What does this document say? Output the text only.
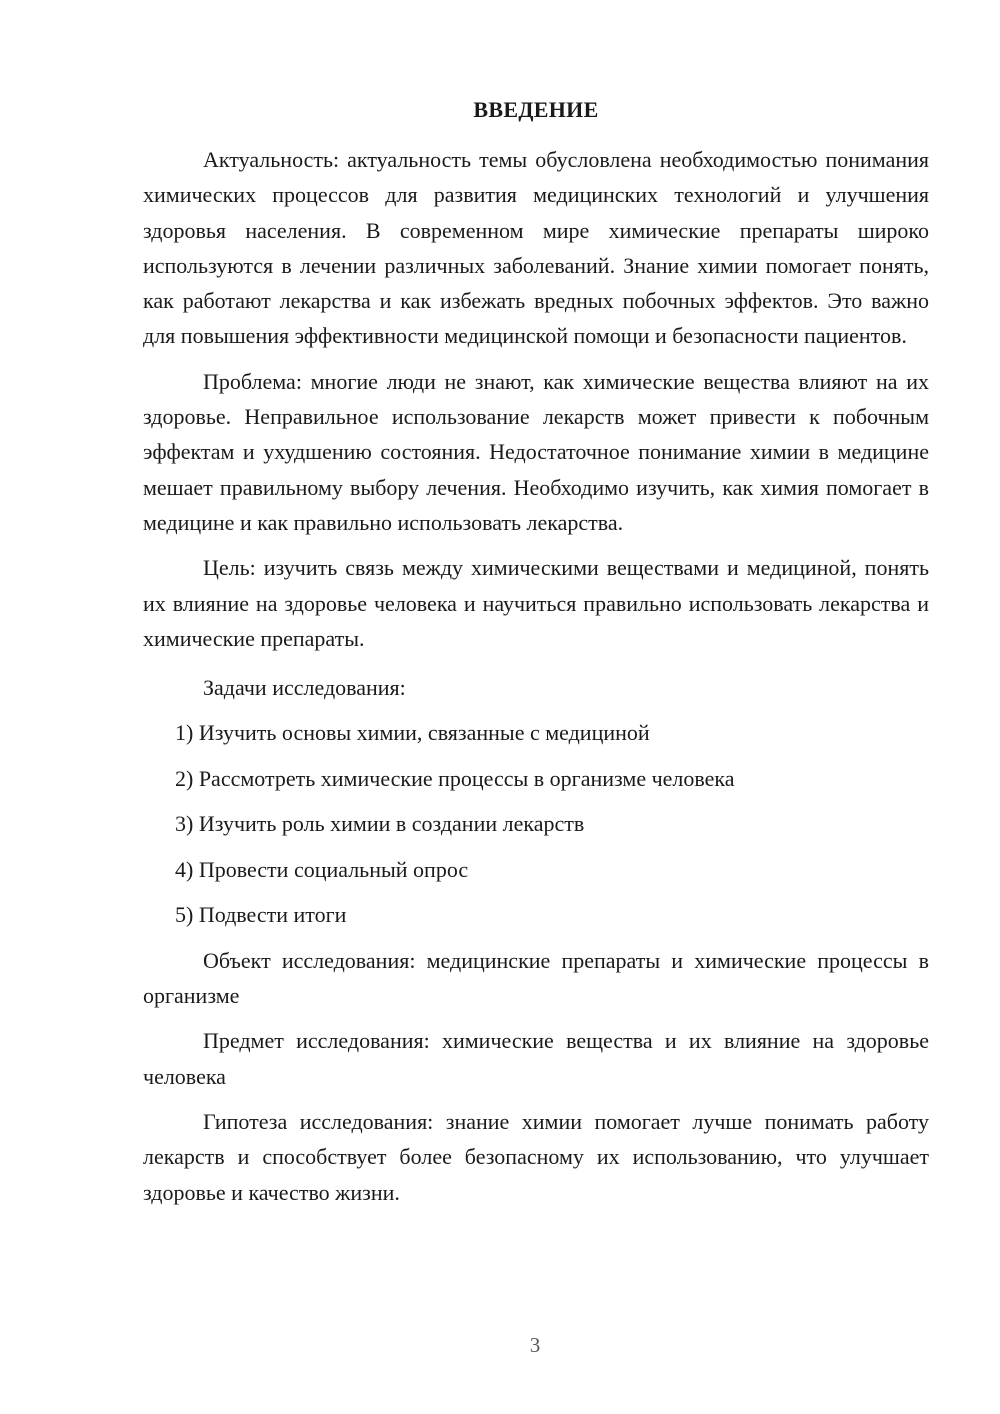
ВВЕДЕНИЕ

Актуальность: актуальность темы обусловлена необходимостью понимания химических процессов для развития медицинских технологий и улучшения здоровья населения. В современном мире химические препараты широко используются в лечении различных заболеваний. Знание химии помогает понять, как работают лекарства и как избежать вредных побочных эффектов. Это важно для повышения эффективности медицинской помощи и безопасности пациентов.

Проблема: многие люди не знают, как химические вещества влияют на их здоровье. Неправильное использование лекарств может привести к побочным эффектам и ухудшению состояния. Недостаточное понимание химии в медицине мешает правильному выбору лечения. Необходимо изучить, как химия помогает в медицине и как правильно использовать лекарства.

Цель: изучить связь между химическими веществами и медициной, понять их влияние на здоровье человека и научиться правильно использовать лекарства и химические препараты.

Задачи исследования:

1) Изучить основы химии, связанные с медициной
2) Рассмотреть химические процессы в организме человека
3) Изучить роль химии в создании лекарств
4) Провести социальный опрос
5) Подвести итоги

Объект исследования: медицинские препараты и химические процессы в организме

Предмет исследования: химические вещества и их влияние на здоровье человека

Гипотеза исследования: знание химии помогает лучше понимать работу лекарств и способствует более безопасному их использованию, что улучшает здоровье и качество жизни.

3
